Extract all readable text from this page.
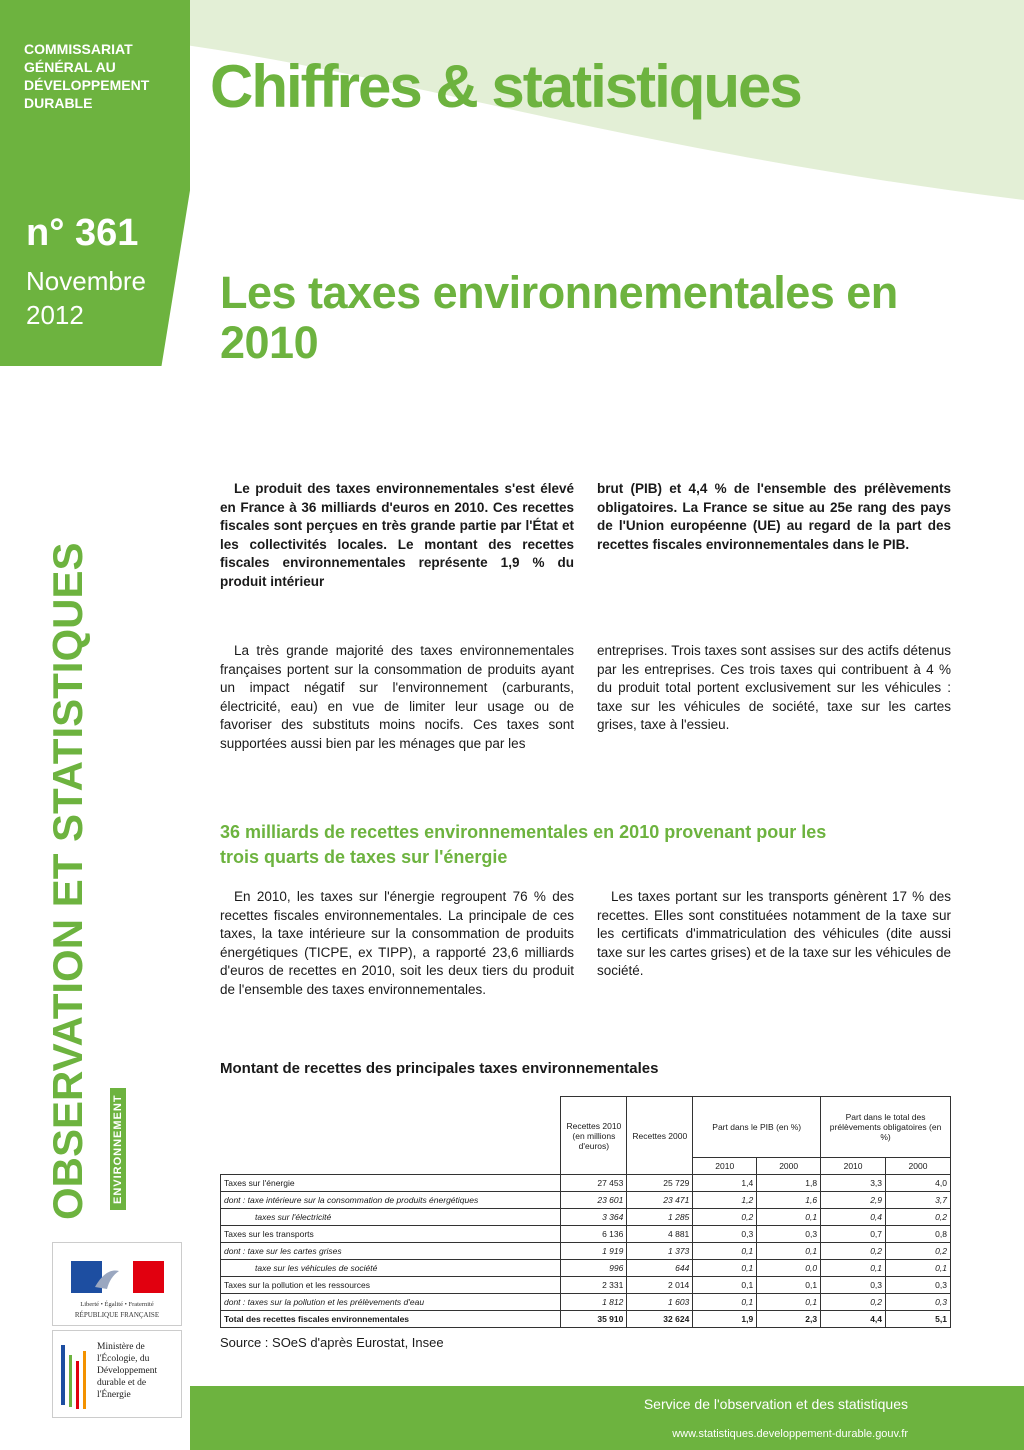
COMMISSARIAT GÉNÉRAL AU DÉVELOPPEMENT DURABLE	Chiffres & statistiques
n° 361
Novembre 2012	Les taxes environnementales en 2010
OBSERVATION ET STATISTIQUES	ENVIRONNEMENT
Le produit des taxes environnementales s'est élevé en France à 36 milliards d'euros en 2010. Ces recettes fiscales sont perçues en très grande partie par l'État et les collectivités locales. Le montant des recettes fiscales environnementales représente 1,9 % du produit intérieur
brut (PIB) et 4,4 % de l'ensemble des prélèvements obligatoires. La France se situe au 25e rang des pays de l'Union européenne (UE) au regard de la part des recettes fiscales environnementales dans le PIB.
La très grande majorité des taxes environnementales françaises portent sur la consommation de produits ayant un impact négatif sur l'environnement (carburants, électricité, eau) en vue de limiter leur usage ou de favoriser des substituts moins nocifs. Ces taxes sont supportées aussi bien par les ménages que par les
entreprises. Trois taxes sont assises sur des actifs détenus par les entreprises. Ces trois taxes qui contribuent à 4 % du produit total portent exclusivement sur les véhicules : taxe sur les véhicules de société, taxe sur les cartes grises, taxe à l'essieu.
36 milliards de recettes environnementales en 2010 provenant pour les trois quarts de taxes sur l'énergie
En 2010, les taxes sur l'énergie regroupent 76 % des recettes fiscales environnementales. La principale de ces taxes, la taxe intérieure sur la consommation de produits énergétiques (TICPE, ex TIPP), a rapporté 23,6 milliards d'euros de recettes en 2010, soit les deux tiers du produit de l'ensemble des taxes environnementales.
Les taxes portant sur les transports génèrent 17 % des recettes. Elles sont constituées notamment de la taxe sur les certificats d'immatriculation des véhicules (dite aussi taxe sur les cartes grises) et de la taxe sur les véhicules de société.
Montant de recettes des principales taxes environnementales
	Recettes 2010 (en millions d'euros)	Recettes 2000	Part dans le PIB (en %)		Part dans le total des prélèvements obligatoires (en %)	
			2010	2000	2010	2000
Taxes sur l'énergie	27 453	25 729	1,4	1,8	3,3	4,0
dont : taxe intérieure sur la consommation de produits énergétiques	23 601	23 471	1,2	1,6	2,9	3,7
taxes sur l'électricité	3 364	1 285	0,2	0,1	0,4	0,2
Taxes sur les transports	6 136	4 881	0,3	0,3	0,7	0,8
dont : taxe sur les cartes grises	1 919	1 373	0,1	0,1	0,2	0,2
taxe sur les véhicules de société	996	644	0,1	0,0	0,1	0,1
Taxes sur la pollution et les ressources	2 331	2 014	0,1	0,1	0,3	0,3
dont : taxes sur la pollution et les prélèvements d'eau	1 812	1 603	0,1	0,1	0,2	0,3
Total des recettes fiscales environnementales	35 910	32 624	1,9	2,3	4,4	5,1
Source : SOeS d'après Eurostat, Insee
Liberté • Égalité • Fraternité
RÉPUBLIQUE FRANÇAISE
Ministère de l'Écologie, du Développement durable et de l'Énergie
Service de l'observation et des statistiques
www.statistiques.developpement-durable.gouv.fr
